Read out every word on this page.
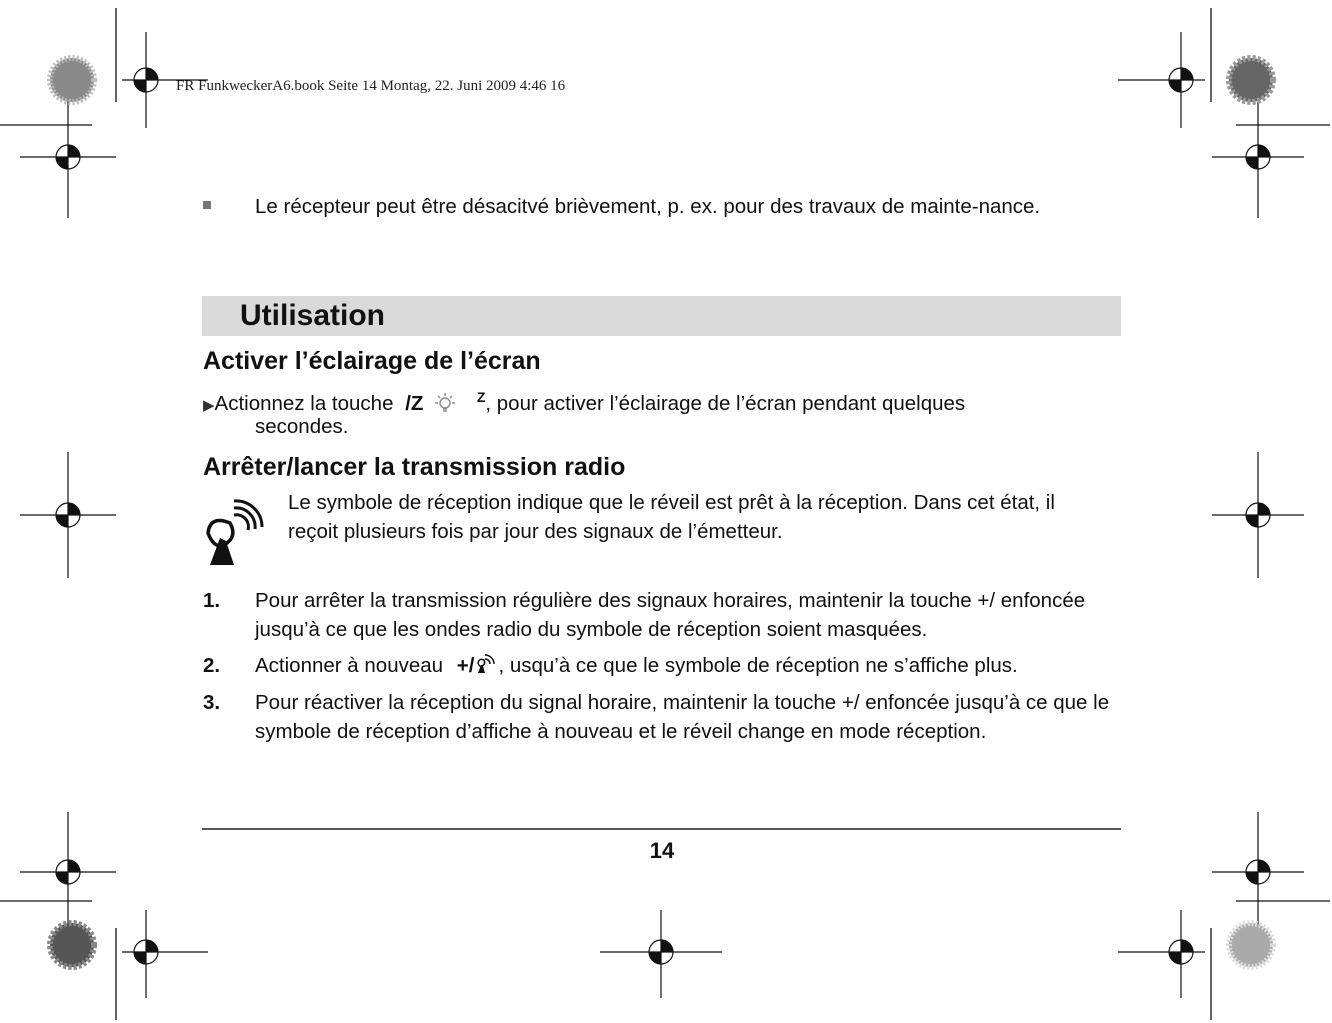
FR FunkweckerA6.book Seite 14 Montag, 22. Juni 2009 4:46 16
Le récepteur peut être désacitvé brièvement, p. ex. pour des travaux de mainte-nance.
Utilisation
Activer l’éclairage de l’écran
▶Actionnez la touche /Z	$^Z$, pour activer l’éclairage de l’écran pendant quelques
secondes.
Arrêter/lancer la transmission radio
Le symbole de réception indique que le réveil est prêt à la réception. Dans cet état, il reçoit plusieurs fois par jour des signaux de l’émetteur.
1. Pour arrêter la transmission régulière des signaux horaires, maintenir la touche +/ enfoncée jusqu’à ce que les ondes radio du symbole de réception soient masquées.
2. Actionner à nouveau +/ , usqu’à ce que le symbole de réception ne s’affiche plus.
3. Pour réactiver la réception du signal horaire, maintenir la touche +/ enfoncée jusqu’à ce que le symbole de réception d’affiche à nouveau et le réveil change en mode réception.
14
